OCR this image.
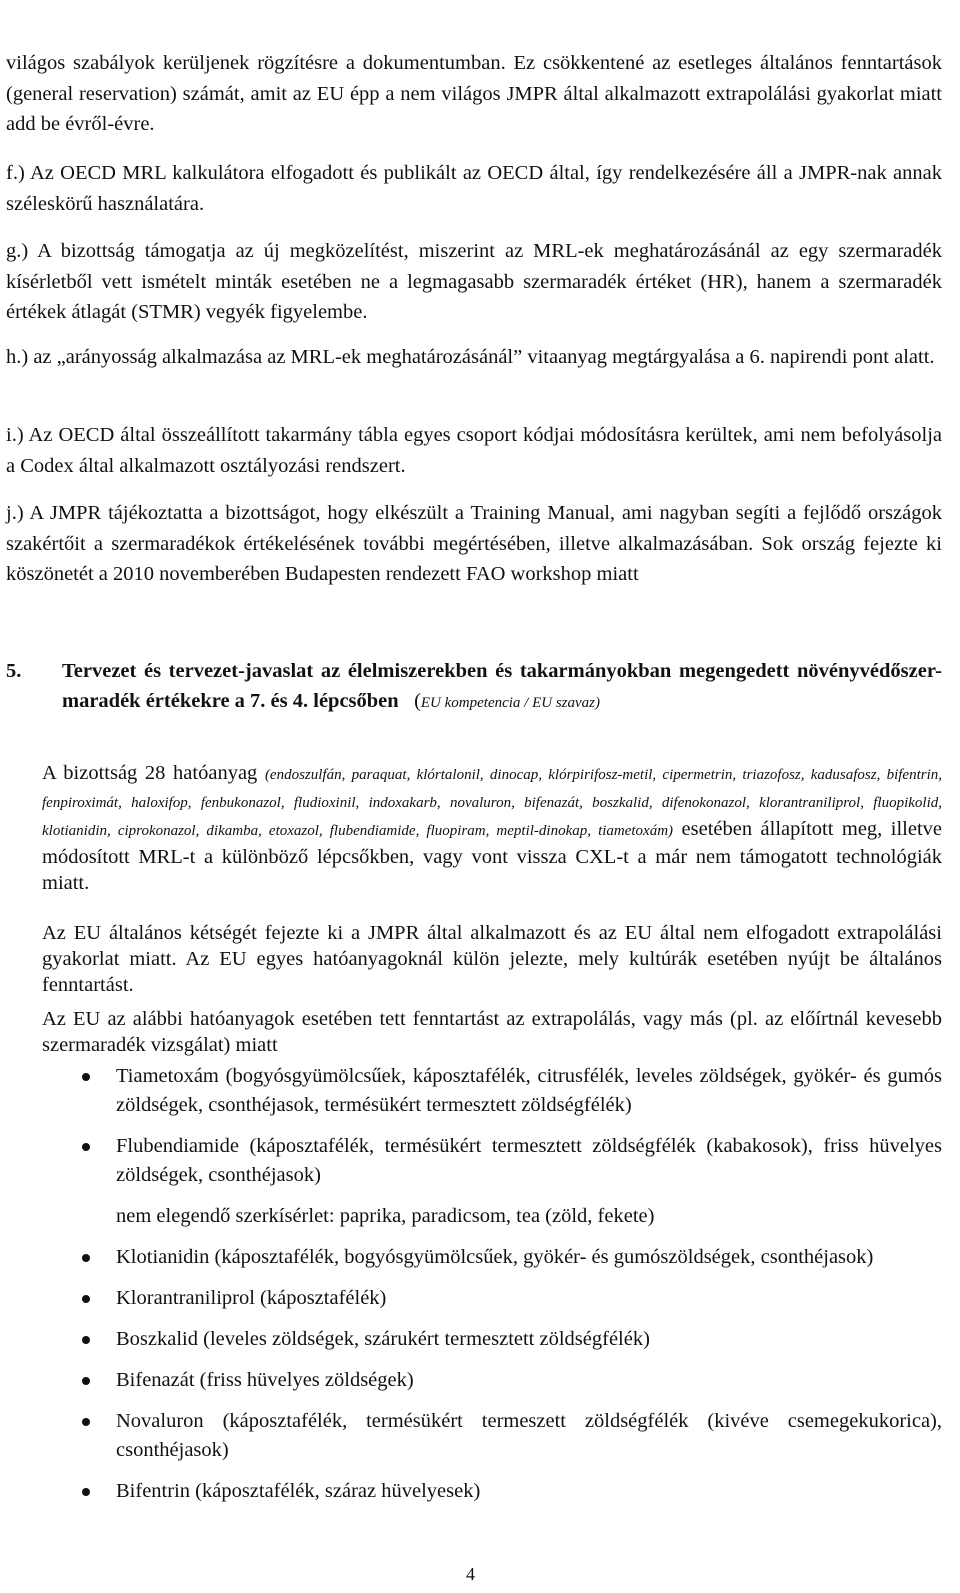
világos szabályok kerüljenek rögzítésre a dokumentumban. Ez csökkentené az esetleges általános fenntartások (general reservation) számát, amit az EU épp a nem világos JMPR által alkalmazott extrapolálási gyakorlat miatt add be évről-évre.

f.) Az OECD MRL kalkulátora elfogadott és publikált az OECD által, így rendelkezésére áll a JMPR-nak annak széleskörű használatára.

g.) A bizottság támogatja az új megközelítést, miszerint az MRL-ek meghatározásánál az egy szermaradék kísérletből vett ismételt minták esetében ne a legmagasabb szermaradék értéket (HR), hanem a szermaradék értékek átlagát (STMR) vegyék figyelembe.

h.) az „arányosság alkalmazása az MRL-ek meghatározásánál” vitaanyag megtárgyalása a 6. napirendi pont alatt.

i.) Az OECD által összeállított takarmány tábla egyes csoport kódjai módosításra kerültek, ami nem befolyásolja a Codex által alkalmazott osztályozási rendszert.

j.) A JMPR tájékoztatta a bizottságot, hogy elkészült a Training Manual, ami nagyban segíti a fejlődő országok szakértőit a szermaradékok értékelésének további megértésében, illetve alkalmazásában. Sok ország fejezte ki köszönetét a 2010 novemberében Budapesten rendezett FAO workshop miatt

5. Tervezet és tervezet-javaslat az élelmiszerekben és takarmányokban megengedett növényvédőszer-maradék értékekre a 7. és 4. lépcsőben (EU kompetencia / EU szavaz)

A bizottság 28 hatóanyag (endoszulfán, paraquat, klórtalonil, dinocap, klórpirifosz-metil, cipermetrin, triazofosz, kadusafosz, bifentrin, fenpiroximát, haloxifop, fenbukonazol, fludioxinil, indoxakarb, novaluron, bifenazát, boszkalid, difenokonazol, klorantraniliprol, fluopikolid, klotianidin, ciprokonazol, dikamba, etoxazol, flubendiamide, fluopiram, meptil-dinokap, tiametoxám) esetében állapított meg, illetve módosított MRL-t a különböző lépcsőkben, vagy vont vissza CXL-t a már nem támogatott technológiák miatt.

Az EU általános kétségét fejezte ki a JMPR által alkalmazott és az EU által nem elfogadott extrapolálási gyakorlat miatt. Az EU egyes hatóanyagoknál külön jelezte, mely kultúrák esetében nyújt be általános fenntartást.

Az EU az alábbi hatóanyagok esetében tett fenntartást az extrapolálás, vagy más (pl. az előírtnál kevesebb szermaradék vizsgálat) miatt

Tiametoxám (bogyósgyümölcsűek, káposztafélék, citrusfélék, leveles zöldségek, gyökér- és gumós zöldségek, csonthéjasok, termésükért termesztett zöldségfélék)
Flubendiamide (káposztafélék, termésükért termesztett zöldségfélék (kabakosok), friss hüvelyes zöldségek, csonthéjasok)
nem elegendő szerkísérlet: paprika, paradicsom, tea (zöld, fekete)
Klotianidin (káposztafélék, bogyósgyümölcsűek, gyökér- és gumószöldségek, csonthéjasok)
Klorantraniliprol (káposztafélék)
Boszkalid (leveles zöldségek, szárukért termesztett zöldségfélék)
Bifenazát (friss hüvelyes zöldségek)
Novaluron (káposztafélék, termésükért termeszett zöldségfélék (kivéve csemegekukorica), csonthéjasok)
Bifentrin (káposztafélék, száraz hüvelyesek)
4
